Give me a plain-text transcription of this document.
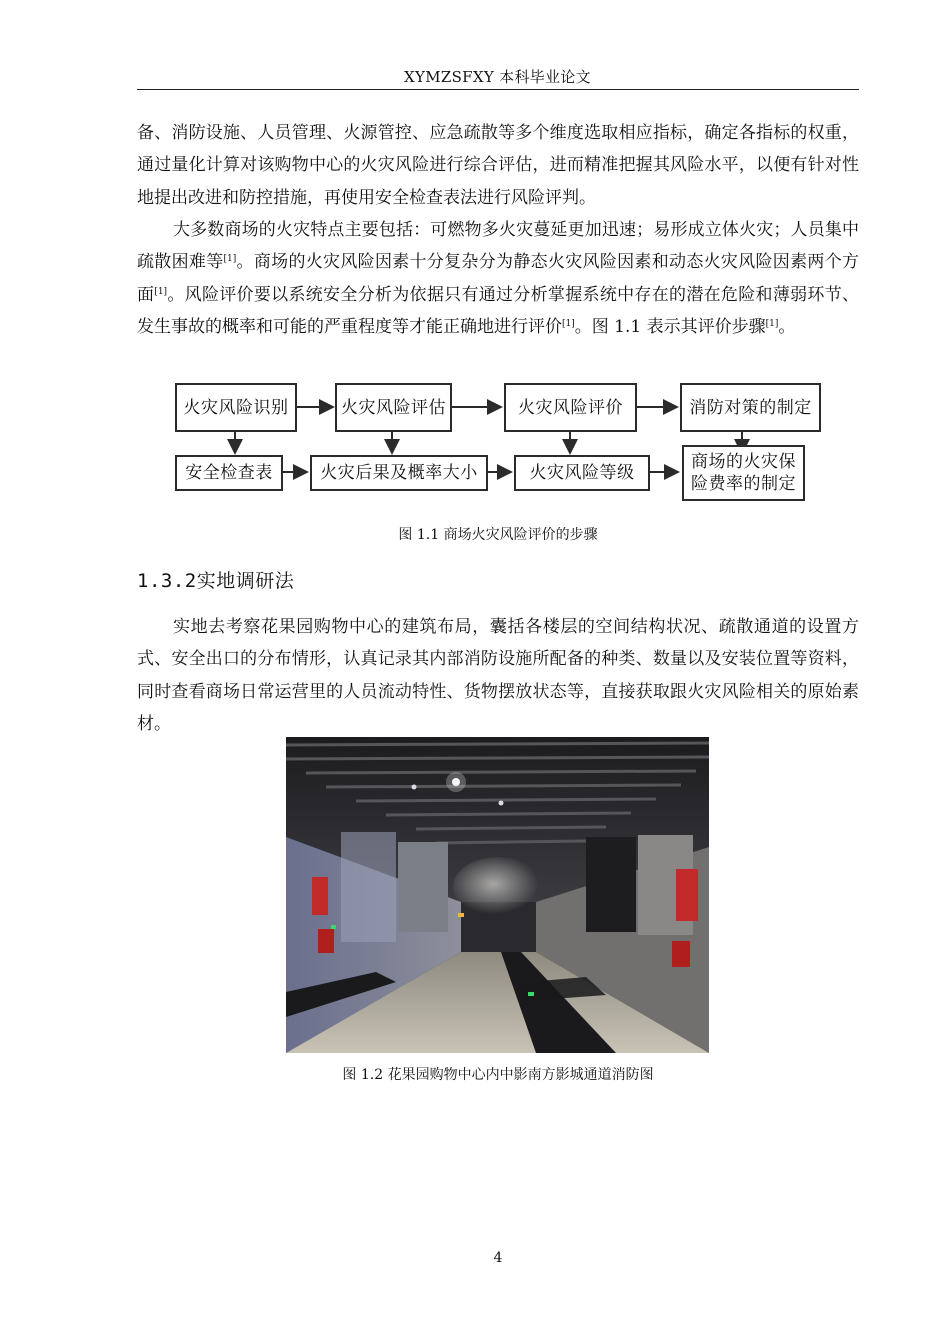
XYMZSFXY 本科毕业论文

备、消防设施、人员管理、火源管控、应急疏散等多个维度选取相应指标，确定各指标的权重，通过量化计算对该购物中心的火灾风险进行综合评估，进而精准把握其风险水平，以便有针对性地提出改进和防控措施，再使用安全检查表法进行风险评判。

大多数商场的火灾特点主要包括：可燃物多火灾蔓延更加迅速；易形成立体火灾；人员集中疏散困难等[1]。商场的火灾风险因素十分复杂分为静态火灾风险因素和动态火灾风险因素两个方面[1]。风险评价要以系统安全分析为依据只有通过分析掌握系统中存在的潜在危险和薄弱环节、发生事故的概率和可能的严重程度等才能正确地进行评价[1]。图 1.1 表示其评价步骤[1]。

火灾风险识别	火灾风险评估	火灾风险评价	消防对策的制定
安全检查表	火灾后果及概率大小	火灾风险等级
商场的火灾保
险费率的制定
图 1.1 商场火灾风险评价的步骤
1.3.2实地调研法

实地去考察花果园购物中心的建筑布局，囊括各楼层的空间结构状况、疏散通道的设置方式、安全出口的分布情形，认真记录其内部消防设施所配备的种类、数量以及安装位置等资料，同时查看商场日常运营里的人员流动特性、货物摆放状态等，直接获取跟火灾风险相关的原始素材。

图 1.2 花果园购物中心内中影南方影城通道消防图
4
